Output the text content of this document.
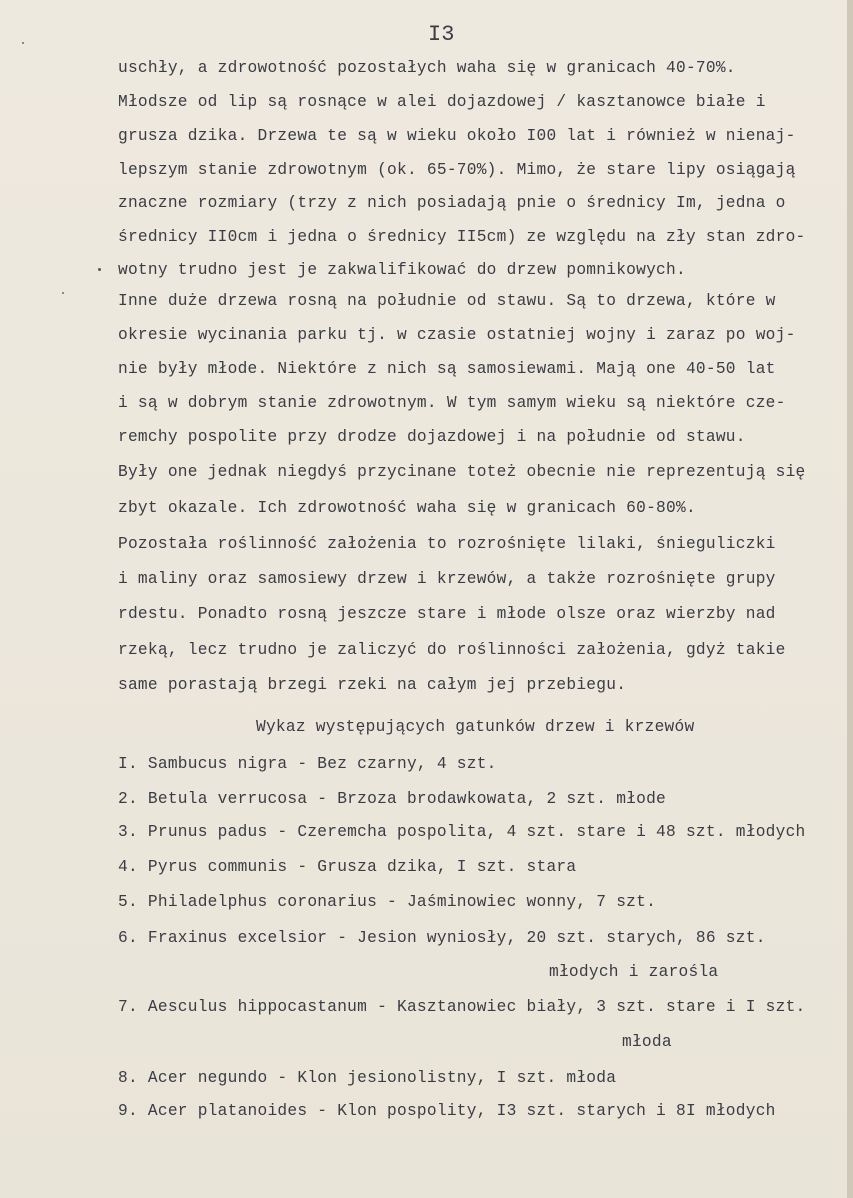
I3
uschły, a zdrowotność pozostałych waha się w granicach 40-70%.
Młodsze od lip są rosnące w alei dojazdowej / kasztanowce białe i
grusza dzika. Drzewa te są w wieku około I00 lat i również w nienaj-
lepszym stanie zdrowotnym (ok. 65-70%). Mimo, że stare lipy osiągają
znaczne rozmiary (trzy z nich posiadają pnie o średnicy Im, jedna o
średnicy II0cm i jedna o średnicy II5cm) ze względu na zły stan zdro-
wotny trudno jest je zakwalifikować do drzew pomnikowych.
Inne duże drzewa rosną na południe od stawu. Są to drzewa, które w
okresie wycinania parku tj. w czasie ostatniej wojny i zaraz po woj-
nie były młode. Niektóre z nich są samosiewami. Mają one 40-50 lat
i są w dobrym stanie zdrowotnym. W tym samym wieku są niektóre cze-
remchy pospolite przy drodze dojazdowej i na południe od stawu.
Były one jednak niegdyś przycinane toteż obecnie nie reprezentują się
zbyt okazale. Ich zdrowotność waha się w granicach 60-80%.
Pozostała roślinność założenia to rozrośnięte lilaki, śnieguliczki
i maliny oraz samosiewy drzew i krzewów, a także rozrośnięte grupy
rdestu. Ponadto rosną jeszcze stare i młode olsze oraz wierzby nad
rzeką, lecz trudno je zaliczyć do roślinności założenia, gdyż takie
same porastają brzegi rzeki na całym jej przebiegu.
Wykaz występujących gatunków drzew i krzewów
I. Sambucus nigra - Bez czarny, 4 szt.
2. Betula verrucosa - Brzoza brodawkowata, 2 szt. młode
3. Prunus padus - Czeremcha pospolita, 4 szt. stare i 48 szt. młodych
4. Pyrus communis - Grusza dzika, I szt. stara
5. Philadelphus coronarius - Jaśminowiec wonny, 7 szt.
6. Fraxinus excelsior - Jesion wyniosły, 20 szt. starych, 86 szt.
młodych i zarośla
7. Aesculus hippocastanum - Kasztanowiec biały, 3 szt. stare i I szt.
młoda
8. Acer negundo - Klon jesionolistny, I szt. młoda
9. Acer platanoides - Klon pospolity, I3 szt. starych i 8I młodych
